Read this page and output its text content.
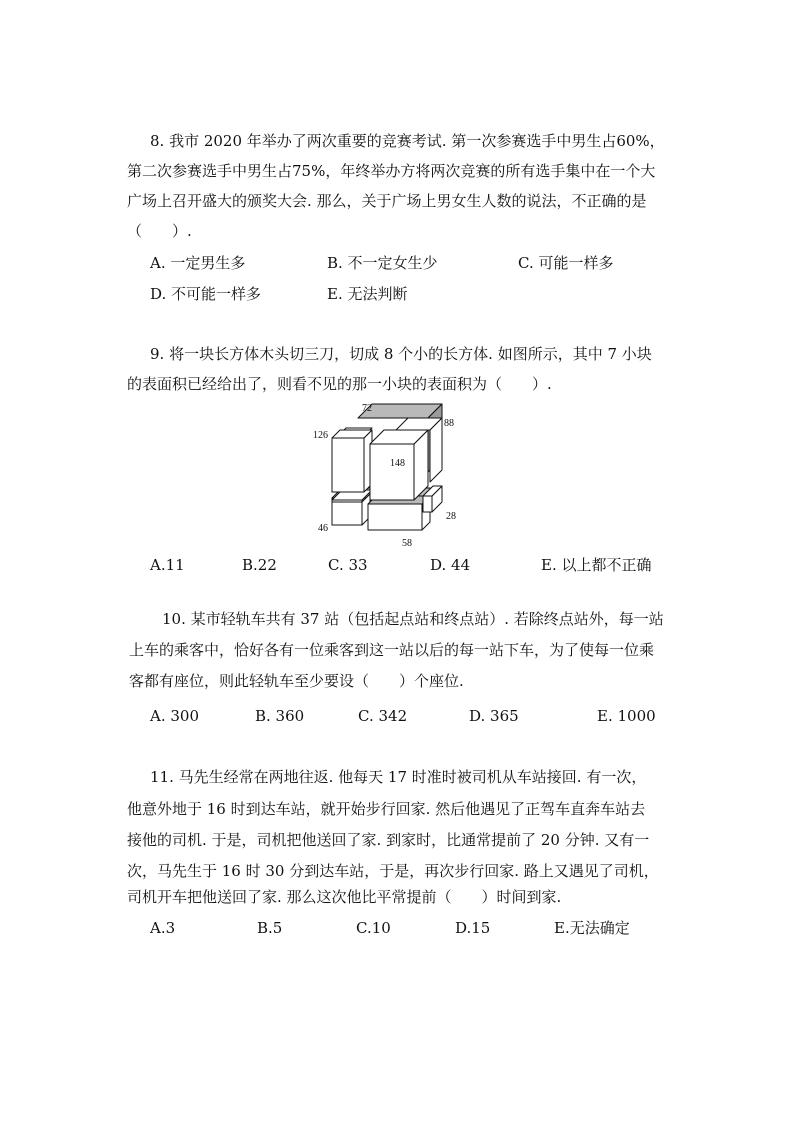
8. 我市 2020 年举办了两次重要的竞赛考试. 第一次参赛选手中男生占60%，
第二次参赛选手中男生占75%，年终举办方将两次竞赛的所有选手集中在一个大
广场上召开盛大的颁奖大会. 那么，关于广场上男女生人数的说法，不正确的是
（　　）.
A. 一定男生多	B. 不一定女生少	C. 可能一样多
D. 不可能一样多	E. 无法判断
9. 将一块长方体木头切三刀，切成 8 个小的长方体. 如图所示，其中 7 小块
的表面积已经给出了，则看不见的那一小块的表面积为（　　）.
72
88
126
148
46
28
58
A.11	B.22	C. 33	D. 44	E. 以上都不正确
10. 某市轻轨车共有 37 站（包括起点站和终点站）. 若除终点站外，每一站
上车的乘客中，恰好各有一位乘客到这一站以后的每一站下车，为了使每一位乘
客都有座位，则此轻轨车至少要设（　　）个座位.
A. 300	B. 360	C. 342	D. 365	E. 1000
11. 马先生经常在两地往返. 他每天 17 时准时被司机从车站接回. 有一次，
他意外地于 16 时到达车站，就开始步行回家. 然后他遇见了正驾车直奔车站去
接他的司机. 于是，司机把他送回了家. 到家时，比通常提前了 20 分钟. 又有一
次，马先生于 16 时 30 分到达车站，于是，再次步行回家. 路上又遇见了司机，
司机开车把他送回了家. 那么这次他比平常提前（　　）时间到家.
A.3	B.5	C.10	D.15	E.无法确定
